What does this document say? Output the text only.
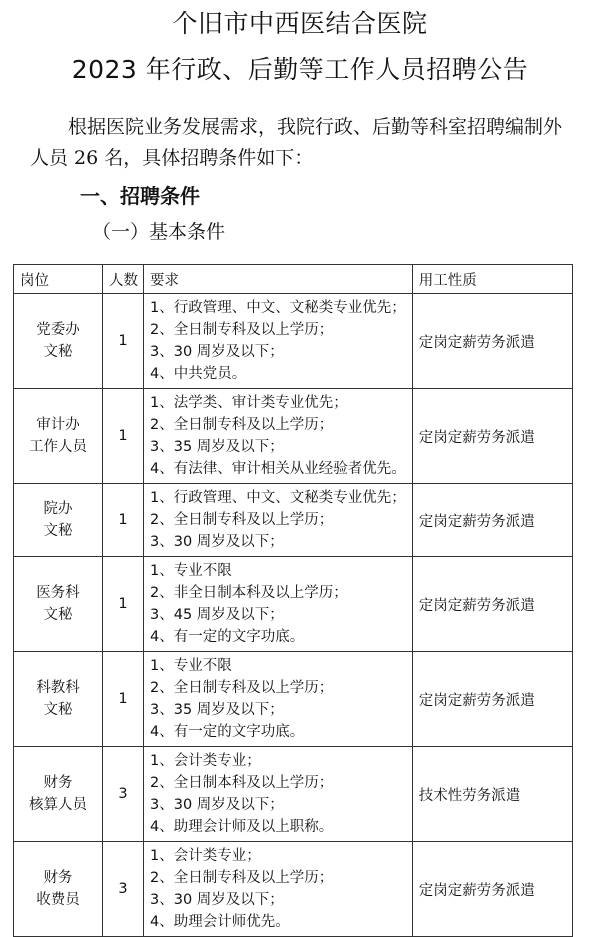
个旧市中西医结合医院
2023 年行政、后勤等工作人员招聘公告
根据医院业务发展需求，我院行政、后勤等科室招聘编制外人员 26 名，具体招聘条件如下：
一、招聘条件
（一）基本条件
岗位	人数	要求	用工性质

党委办
文秘	1	1、行政管理、中文、文秘类专业优先；
2、全日制专科及以上学历；
3、30 周岁及以下；
4、中共党员。	定岗定薪劳务派遣

审计办
工作人员	1	1、法学类、审计类专业优先；
2、全日制专科及以上学历；
3、35 周岁及以下；
4、有法律、审计相关从业经验者优先。	定岗定薪劳务派遣

院办
文秘	1	1、行政管理、中文、文秘类专业优先；
2、全日制专科及以上学历；
3、30 周岁及以下；	定岗定薪劳务派遣

医务科
文秘	1	1、专业不限
2、非全日制本科及以上学历；
3、45 周岁及以下；
4、有一定的文字功底。	定岗定薪劳务派遣

科教科
文秘	1	1、专业不限
2、全日制专科及以上学历；
3、35 周岁及以下；
4、有一定的文字功底。	定岗定薪劳务派遣

财务
核算人员	3	1、会计类专业；
2、全日制本科及以上学历；
3、30 周岁及以下；
4、助理会计师及以上职称。	技术性劳务派遣

财务
收费员	3	1、会计类专业；
2、全日制专科及以上学历；
3、30 周岁及以下；
4、助理会计师优先。	定岗定薪劳务派遣
